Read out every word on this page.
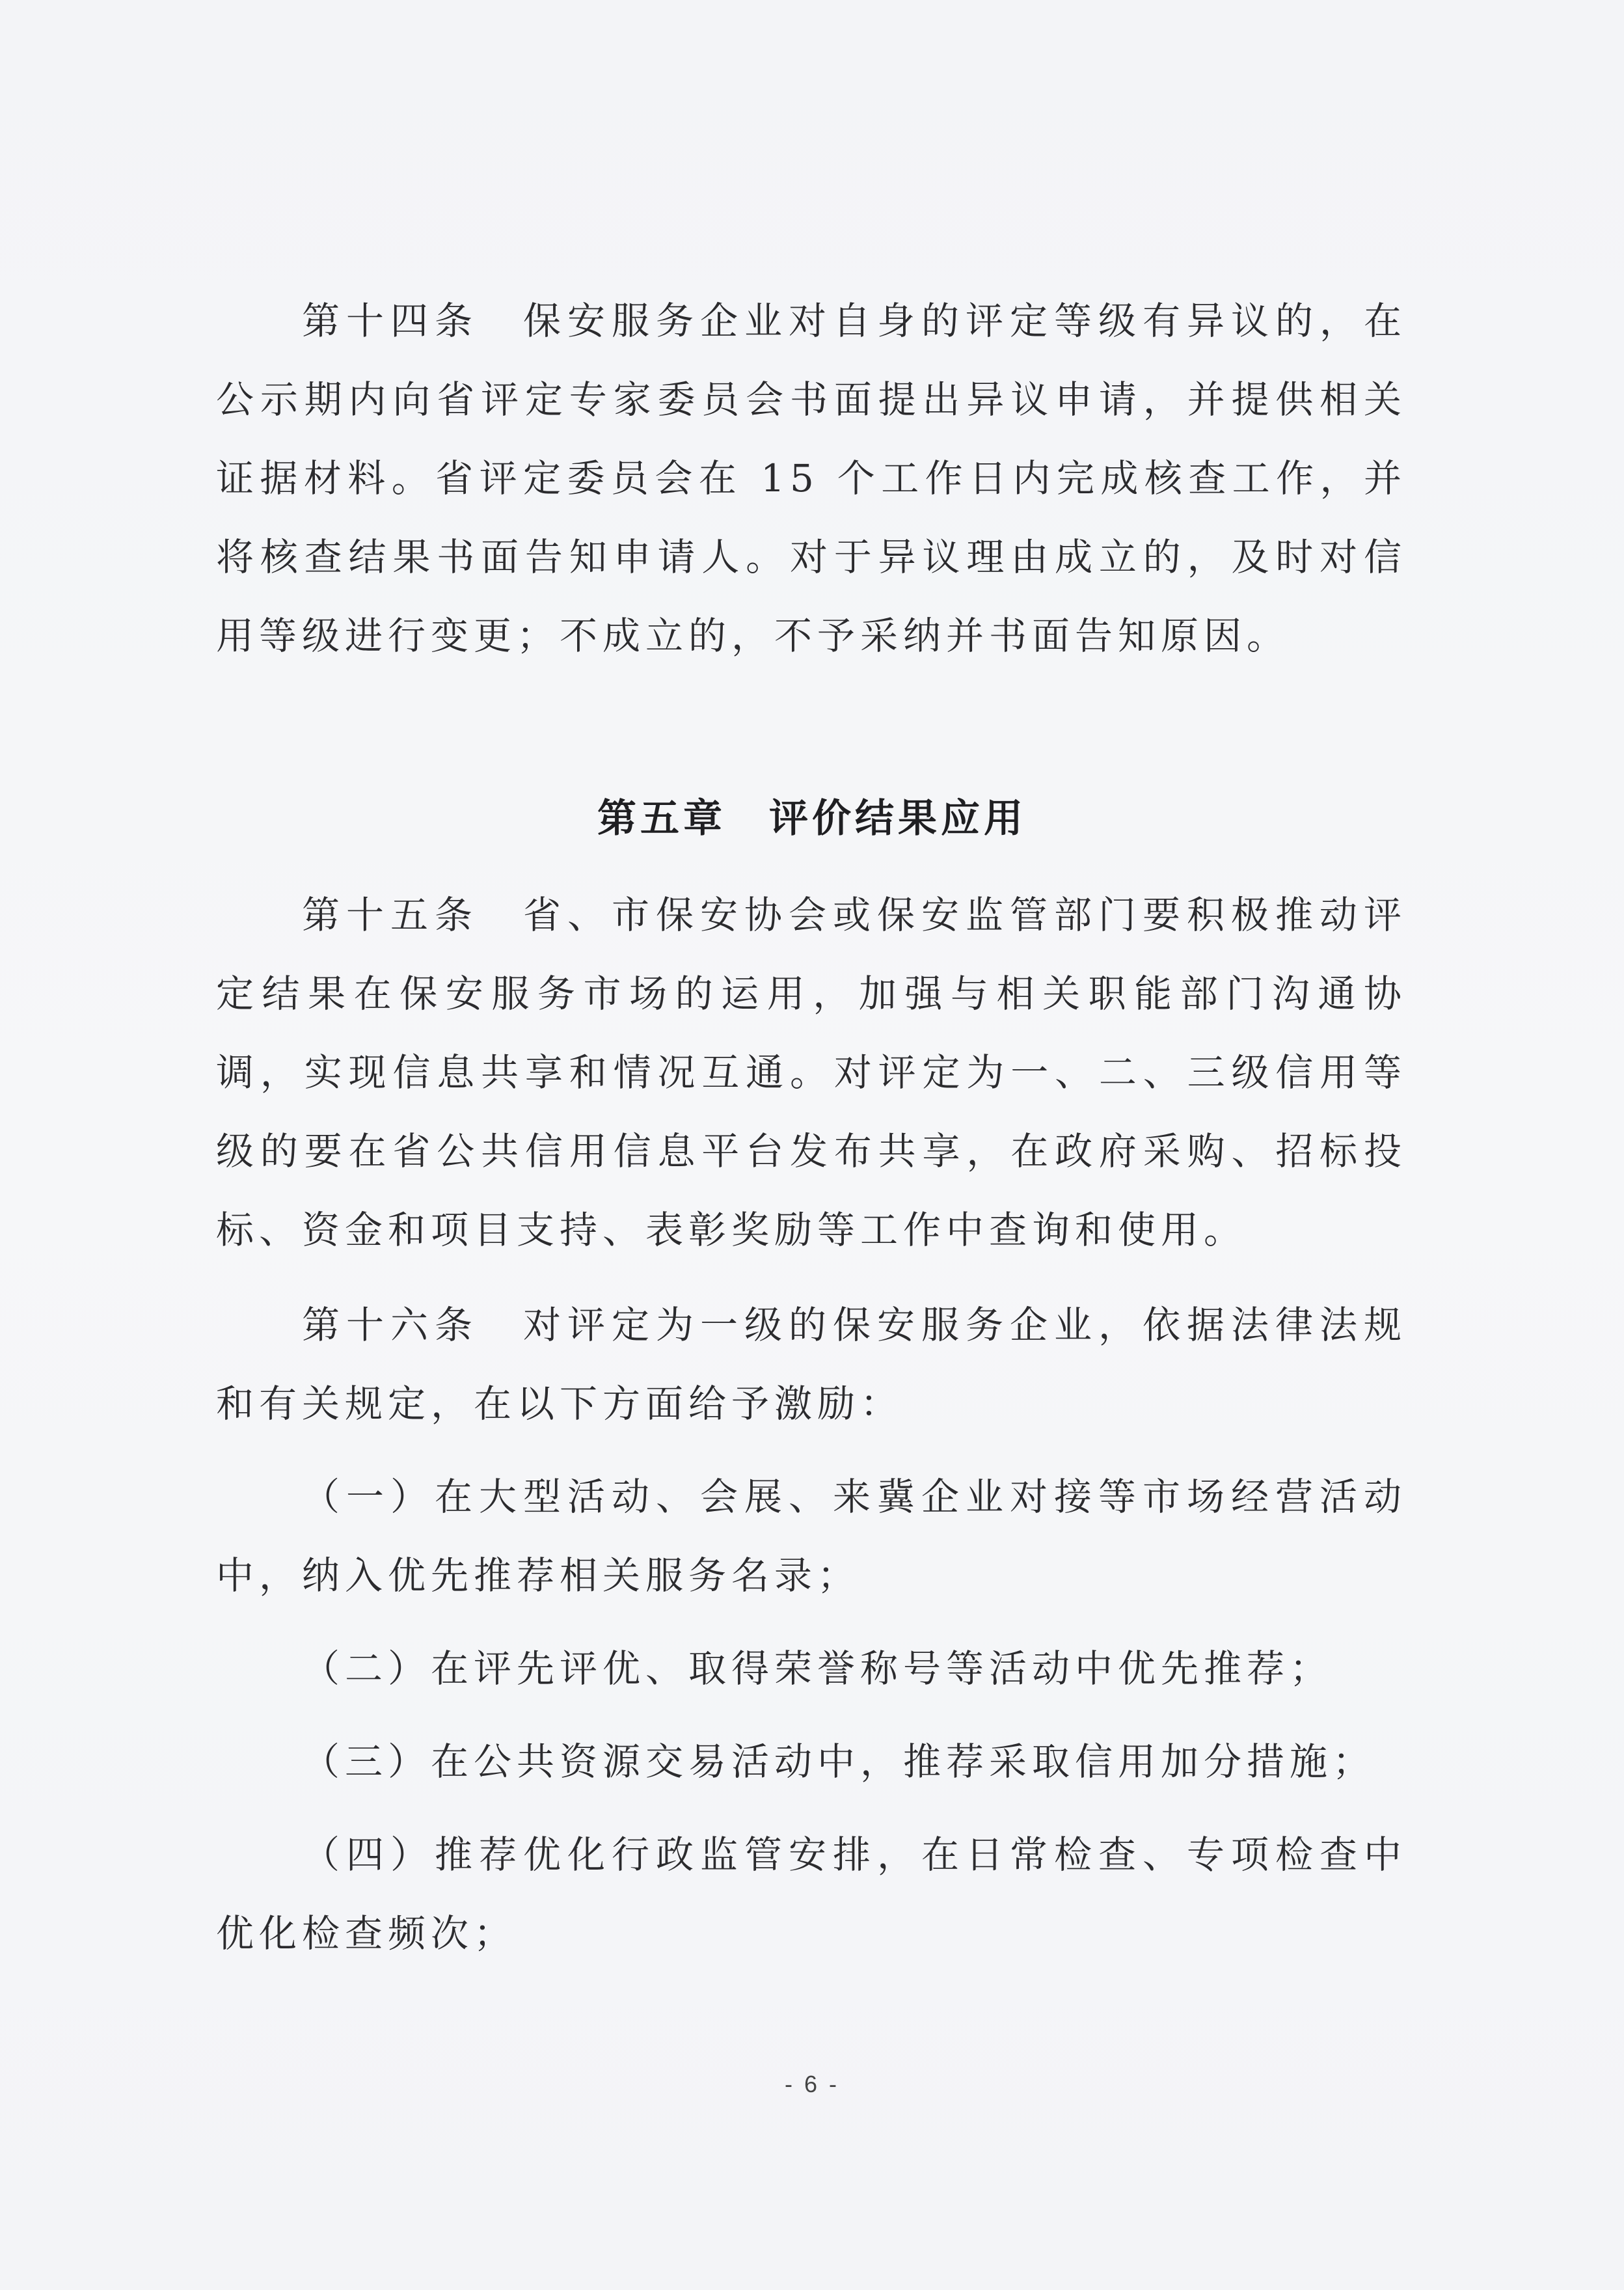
第十四条　保安服务企业对自身的评定等级有异议的，在公示期内向省评定专家委员会书面提出异议申请，并提供相关证据材料。省评定委员会在 15 个工作日内完成核查工作，并将核查结果书面告知申请人。对于异议理由成立的，及时对信用等级进行变更；不成立的，不予采纳并书面告知原因。

第五章　评价结果应用

第十五条　省、市保安协会或保安监管部门要积极推动评定结果在保安服务市场的运用，加强与相关职能部门沟通协调，实现信息共享和情况互通。对评定为一、二、三级信用等级的要在省公共信用信息平台发布共享，在政府采购、招标投标、资金和项目支持、表彰奖励等工作中查询和使用。

第十六条　对评定为一级的保安服务企业，依据法律法规和有关规定，在以下方面给予激励：

（一）在大型活动、会展、来冀企业对接等市场经营活动中，纳入优先推荐相关服务名录；

（二）在评先评优、取得荣誉称号等活动中优先推荐；

（三）在公共资源交易活动中，推荐采取信用加分措施；

（四）推荐优化行政监管安排，在日常检查、专项检查中优化检查频次；

- 6 -
